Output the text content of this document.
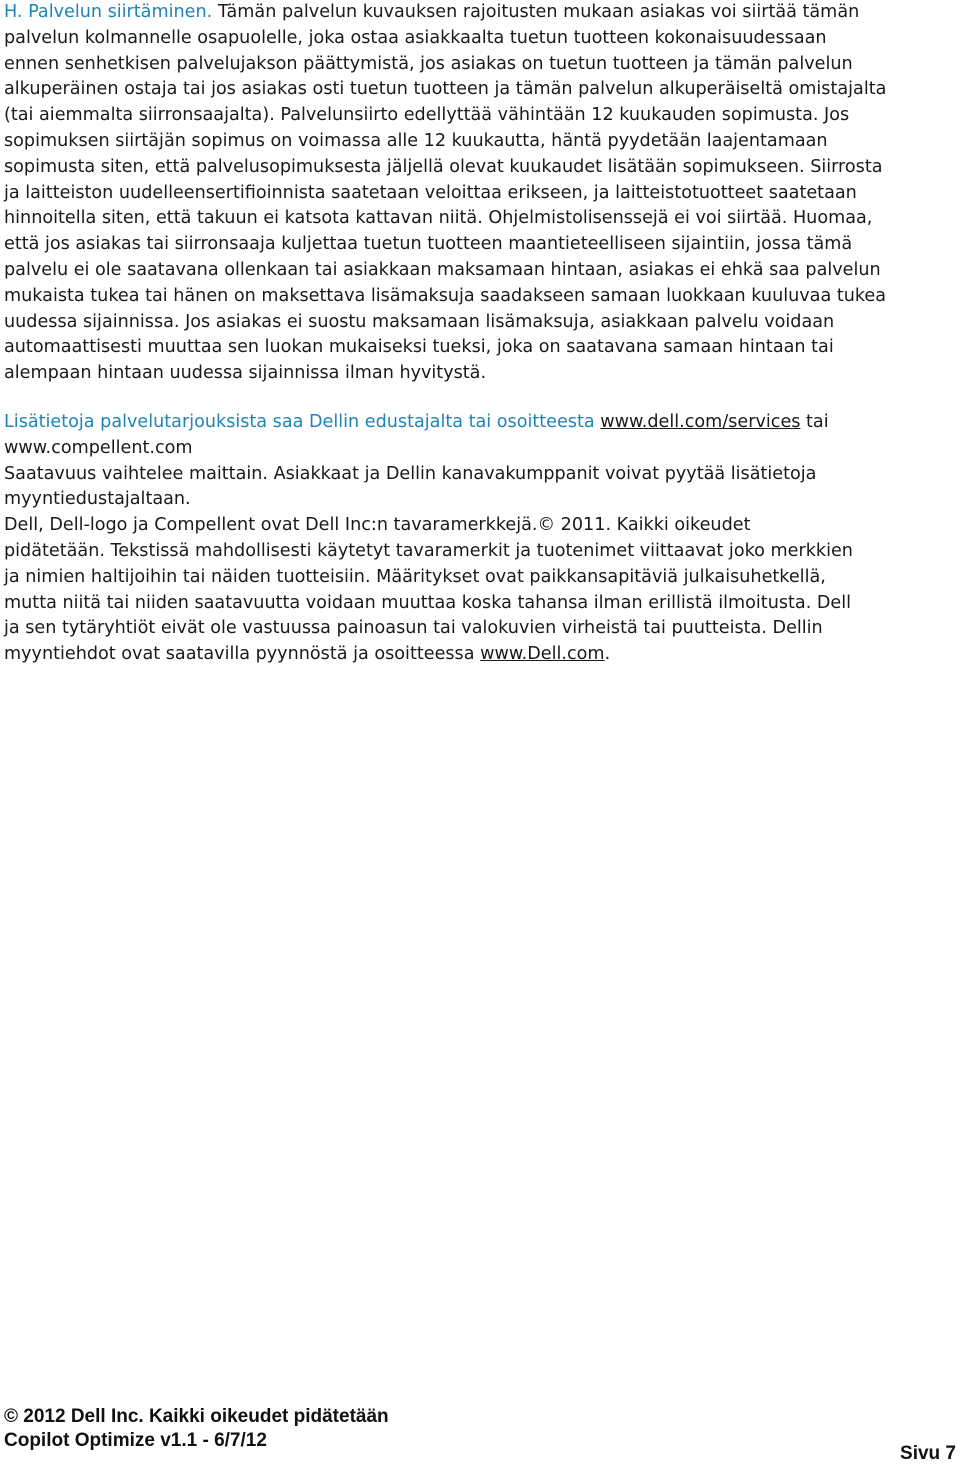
H. Palvelun siirtäminen. Tämän palvelun kuvauksen rajoitusten mukaan asiakas voi siirtää tämän
palvelun kolmannelle osapuolelle, joka ostaa asiakkaalta tuetun tuotteen kokonaisuudessaan
ennen senhetkisen palvelujakson päättymistä, jos asiakas on tuetun tuotteen ja tämän palvelun
alkuperäinen ostaja tai jos asiakas osti tuetun tuotteen ja tämän palvelun alkuperäiseltä omistajalta
(tai aiemmalta siirronsaajalta). Palvelunsiirto edellyttää vähintään 12 kuukauden sopimusta. Jos
sopimuksen siirtäjän sopimus on voimassa alle 12 kuukautta, häntä pyydetään laajentamaan
sopimusta siten, että palvelusopimuksesta jäljellä olevat kuukaudet lisätään sopimukseen. Siirrosta
ja laitteiston uudelleensertifioinnista saatetaan veloittaa erikseen, ja laitteistotuotteet saatetaan
hinnoitella siten, että takuun ei katsota kattavan niitä. Ohjelmistolisenssejä ei voi siirtää. Huomaa,
että jos asiakas tai siirronsaaja kuljettaa tuetun tuotteen maantieteelliseen sijaintiin, jossa tämä
palvelu ei ole saatavana ollenkaan tai asiakkaan maksamaan hintaan, asiakas ei ehkä saa palvelun
mukaista tukea tai hänen on maksettava lisämaksuja saadakseen samaan luokkaan kuuluvaa tukea
uudessa sijainnissa. Jos asiakas ei suostu maksamaan lisämaksuja, asiakkaan palvelu voidaan
automaattisesti muuttaa sen luokan mukaiseksi tueksi, joka on saatavana samaan hintaan tai
alempaan hintaan uudessa sijainnissa ilman hyvitystä.
Lisätietoja palvelutarjouksista saa Dellin edustajalta tai osoitteesta www.dell.com/services tai
www.compellent.com
Saatavuus vaihtelee maittain. Asiakkaat ja Dellin kanavakumppanit voivat pyytää lisätietoja
myyntiedustajaltaan.
Dell, Dell-logo ja Compellent ovat Dell Inc:n tavaramerkkejä.© 2011. Kaikki oikeudet
pidätetään. Tekstissä mahdollisesti käytetyt tavaramerkit ja tuotenimet viittaavat joko merkkien
ja nimien haltijoihin tai näiden tuotteisiin. Määritykset ovat paikkansapitäviä julkaisuhetkellä,
mutta niitä tai niiden saatavuutta voidaan muuttaa koska tahansa ilman erillistä ilmoitusta. Dell
ja sen tytäryhtiöt eivät ole vastuussa painoasun tai valokuvien virheistä tai puutteista. Dellin
myyntiehdot ovat saatavilla pyynnöstä ja osoitteessa www.Dell.com.
© 2012 Dell Inc. Kaikki oikeudet pidätetään
Copilot Optimize v1.1 - 6/7/12
Sivu 7
